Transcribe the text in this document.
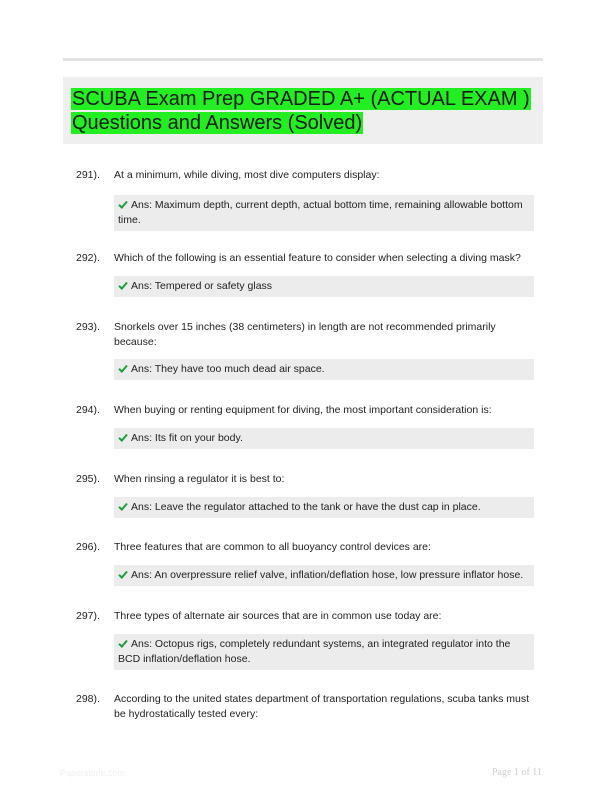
SCUBA Exam Prep GRADED A+ (ACTUAL EXAM ) Questions and Answers (Solved)
291). At a minimum, while diving, most dive computers display:
Ans: Maximum depth, current depth, actual bottom time, remaining allowable bottom time.
292). Which of the following is an essential feature to consider when selecting a diving mask?
Ans: Tempered or safety glass
293). Snorkels over 15 inches (38 centimeters) in length are not recommended primarily because:
Ans: They have too much dead air space.
294). When buying or renting equipment for diving, the most important consideration is:
Ans: Its fit on your body.
295). When rinsing a regulator it is best to:
Ans: Leave the regulator attached to the tank or have the dust cap in place.
296). Three features that are common to all buoyancy control devices are:
Ans: An overpressure relief valve, inflation/deflation hose, low pressure inflator hose.
297). Three types of alternate air sources that are in common use today are:
Ans: Octopus rigs, completely redundant systems, an integrated regulator into the BCD inflation/deflation hose.
298). According to the united states department of transportation regulations, scuba tanks must be hydrostatically tested every:
Paperstime.com	Page 1 of 11
